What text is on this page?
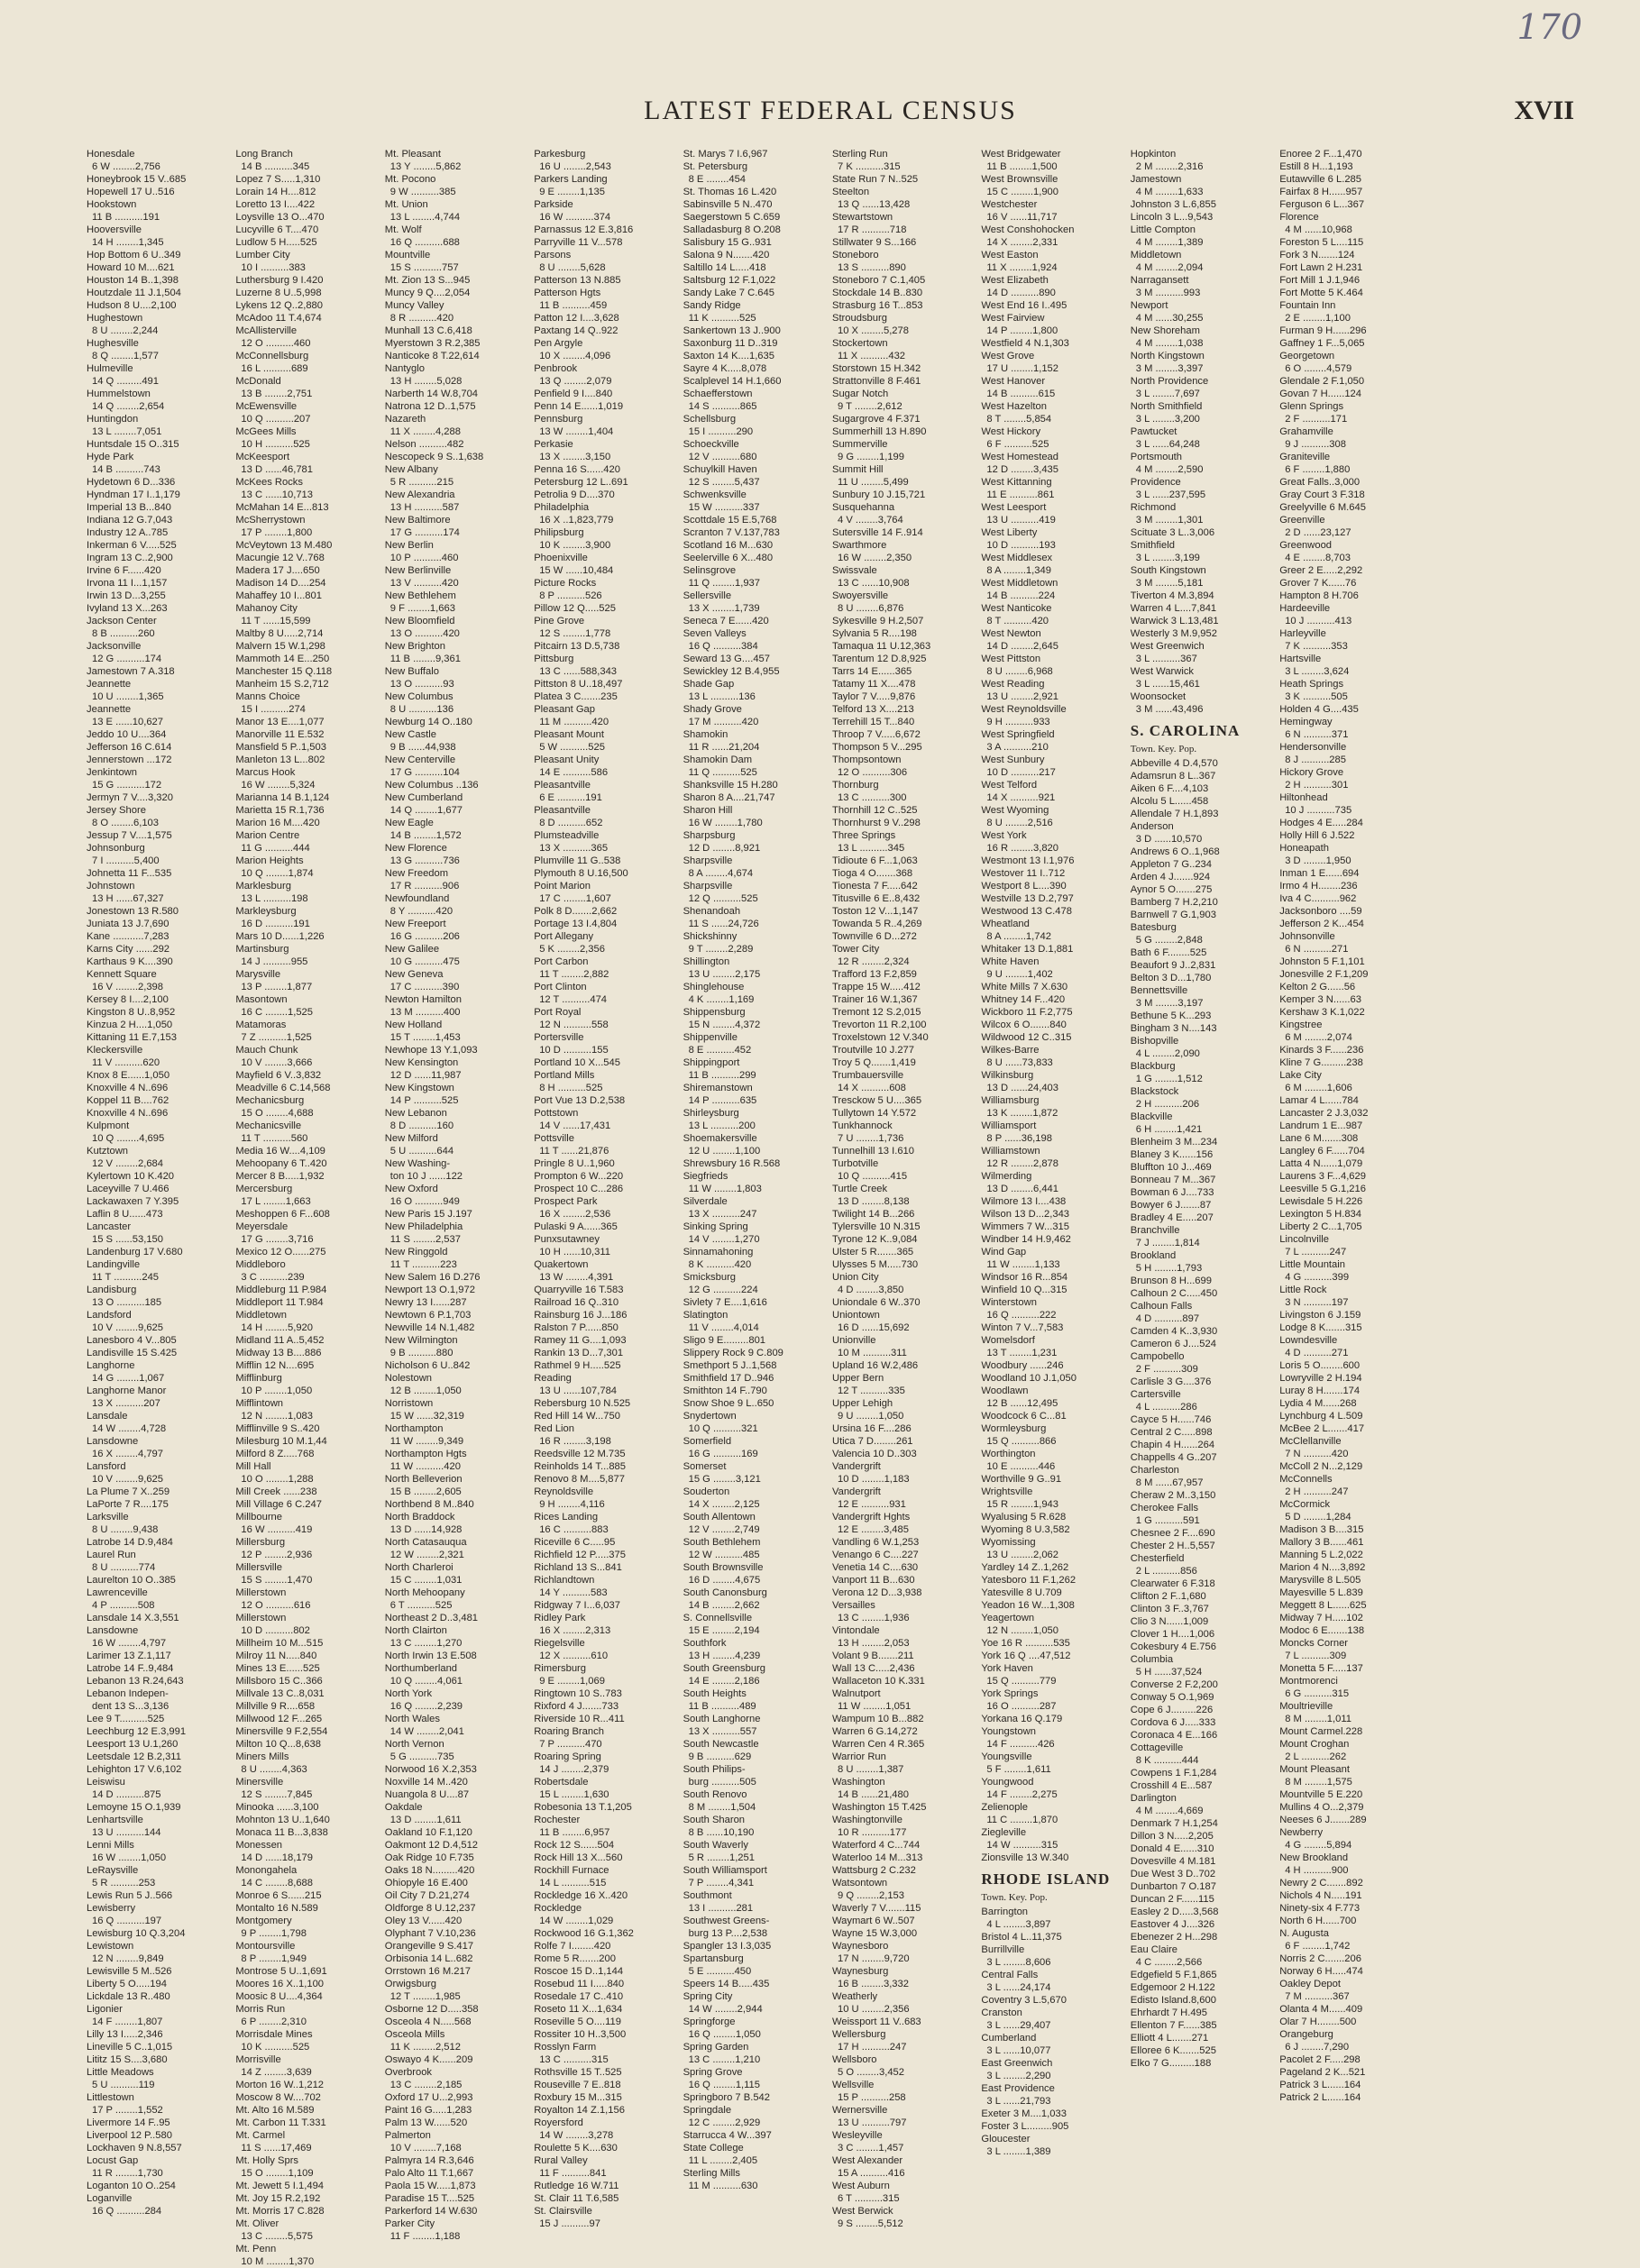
170
LATEST FEDERAL CENSUS	XVII
Honesdale
6 W ........2,756
Honeybrook 15 V..685
Hopewell 17 U..516
Hookstown
11 B ..........191
Hooversville
14 H ........1,345
Hop Bottom 6 U..349
Howard 10 M....621
Houston 14 B..1,398
Houtzdale 11 J.1,504
Hudson 8 U....2,100
Hughestown
8 U ........2,244
Hughesville
8 Q ........1,577
Hulmeville
14 Q .........491
Hummelstown
14 Q ........2,654
Huntingdon
13 L ........7,051
Huntsdale 15 O..315
Hyde Park
14 B ..........743
Hydetown 6 D...336
Hyndman 17 I..1,179
Imperial 13 B...840
Indiana 12 G.7,043
Industry 12 A..785
Inkerman 6 V.....525
Ingram 13 C..2,900
Irvine 6 F......420
Irvona 11 I...1,157
Irwin 13 D...3,255
Ivyland 13 X...263
Jackson Center
8 B ..........260
Jacksonville
12 G ..........174
Jamestown 7 A.318
Jeannette
10 U ........1,365
Jeannette
13 E ......10,627
Jeddo 10 U....364
Jefferson 16 C.614
Jennerstown ...172
Jenkintown
15 G ..........172
Jermyn 7 V....3,320
Jersey Shore
8 O ........6,103
Jessup 7 V....1,575
Johnsonburg
7 I ..........5,400
Johnetta 11 F...535
Johnstown
13 H ......67,327
Jonestown 13 R.580
Juniata 13 J.7,690
Kane ...........7,283
Karns City ......292
Karthaus 9 K....390
Kennett Square
16 V ........2,398
Kersey 8 I....2,100
Kingston 8 U..8,952
Kinzua 2 H....1,050
Kittaning 11 E.7,153
Kleckersville
11 V ..........620
Knox 8 E......1,050
Knoxville 4 N..696
Koppel 11 B....762
Knoxville 4 N..696
Kulpmont
10 Q ........4,695
Kutztown
12 V ........2,684
Kylertown 10 K.420
Laceyville 7 U.466
Lackawaxen 7 Y.395
Laflin 8 U......473
Lancaster
15 S ......53,150
Landenburg 17 V.680
Landingville
11 T ..........245
Landisburg
13 O ..........185
Landsford
10 V ........9,625
Lanesboro 4 V...805
Landisville 15 S.425
Langhorne
14 G ........1,067
Langhorne Manor
13 X ..........207
Lansdale
14 W ........4,728
Lansdowne
16 X ........4,797
Lansford
10 V ........9,625
La Plume 7 X..259
LaPorte 7 R....175
Larksville
8 U ........9,438
Latrobe 14 D.9,484
Laurel Run
8 U ..........774
Laurelton 10 O..385
Lawrenceville
4 P ..........508
Lansdale 14 X.3,551
Lansdowne
16 W ........4,797
Larimer 13 Z.1,117
Latrobe 14 F..9,484
Lebanon 13 R.24,643
Lebanon Indepen-
dent 13 S...3,136
Lee 9 T..........525
Leechburg 12 E.3,991
Leesport 13 U.1,260
Leetsdale 12 B.2,311
Lehighton 17 V.6,102
Leiswisu
14 D ..........875
Lemoyne 15 O.1,939
Lenhartsville
13 U ..........144
Lenni Mills
16 W ........1,050
LeRaysville
5 R ..........253
Lewis Run 5 J..566
Lewisberry
16 Q ..........197
Lewisburg 10 Q.3,204
Lewistown
12 N ........9,849
Lewisville 5 M..526
Liberty 5 O.....194
Lickdale 13 R..480
Ligonier
14 F ........1,807
Lilly 13 I.....2,346
Lineville 5 C..1,015
Lititz 15 S....3,680
Little Meadows
5 U ..........119
Littlestown
17 P ........1,552
Livermore 14 F..95
Liverpool 12 P..580
Lockhaven 9 N.8,557
Locust Gap
11 R ........1,730
Loganton 10 O..254
Loganville
16 Q ..........284
Long Branch
14 B ..........345
Lopez 7 S.....1,310
Lorain 14 H....812
Loretto 13 I....422
Loysville 13 O...470
Lucyville 6 T....470
Ludlow 5 H.....525
Lumber City
10 I ..........383
Luthersburg 9 I.420
Luzerne 8 U..5,998
Lykens 12 Q..2,880
McAdoo 11 T.4,674
McAllisterville
12 O ..........460
McConnellsburg
16 L ..........689
McDonald
13 B ........2,751
McEwensville
10 Q ..........207
McGees Mills
10 H ..........525
McKeesport
13 D ......46,781
McKees Rocks
13 C ......10,713
McMahan 14 E...813
McSherrystown
17 P ........1,800
McVeytown 13 M.480
Macungie 12 V..768
Madera 17 J....650
Madison 14 D....254
Mahaffey 10 I...801
Mahanoy City
11 T ......15,599
Maltby 8 U.....2,714
Malvern 15 W.1,298
Mammoth 14 E...250
Manchester 15 Q.118
Manheim 15 S.2,712
Manns Choice
15 I ..........274
Manor 13 E....1,077
Manorville 11 E.532
Mansfield 5 P..1,503
Manleton 13 L...802
Marcus Hook
16 W ........5,324
Marianna 14 B.1,124
Marietta 15 R.1,736
Marion 16 M....420
Marion Centre
11 G ..........444
Marion Heights
10 Q ........1,874
Marklesburg
13 L ..........198
Markleysburg
16 D ..........191
Mars 10 D......1,226
Martinsburg
14 J ..........955
Marysville
13 P ........1,877
Masontown
16 C ........1,525
Matamoras
7 Z ..........1,525
Mauch Chunk
10 V ........3,666
Mayfield 6 V..3,832
Meadville 6 C.14,568
Mechanicsburg
15 O ........4,688
Mechanicsville
11 T ..........560
Media 16 W....4,109
Mehoopany 6 T..420
Mercer 8 B.....1,932
Mercersburg
17 L ........1,663
Meshoppen 6 F...608
Meyersdale
17 G ........3,716
Mexico 12 O......275
Middleboro
3 C ..........239
Middleburg 11 P.984
Middleport 11 T.984
Middletown
14 H ........5,920
Midland 11 A..5,452
Midway 13 B....886
Mifflin 12 N....695
Mifflinburg
10 P ........1,050
Mifflintown
12 N ........1,083
Mifflinville 9 S..420
Milesburg 10 M.1,44
Milford 8 Z.....768
Mill Hall
10 O ........1,288
Mill Creek ......238
Mill Village 6 C.247
Millbourne
16 W ..........419
Millersburg
12 P ........2,936
Millersville
15 S ........1,470
Millerstown
12 O ..........616
Millerstown
10 D ..........802
Millheim 10 M...515
Milroy 11 N.....840
Mines 13 E......525
Millsboro 15 C..366
Millvale 13 C..8,031
Millville 9 R....658
Millwood 12 F...265
Minersville 9 F.2,554
Milton 10 Q...8,638
Miners Mills
8 U ........4,363
Minersville
12 S ........7,845
Minooka ......3,100
Mohnton 13 U..1,640
Monaca 11 B...3,838
Monessen
14 D ......18,179
Monongahela
14 C ........8,688
Monroe 6 S......215
Montalto 16 N.589
Montgomery
9 P ........1,798
Montoursville
8 P ........1,949
Montrose 5 U..1,691
Moores 16 X..1,100
Moosic 8 U....4,364
Morris Run
6 P ........2,310
Morrisdale Mines
10 K ..........525
Morrisville
14 Z ........3,639
Morton 16 W..1,212
Moscow 8 W....702
Mt. Alto 16 M.589
Mt. Carbon 11 T.331
Mt. Carmel
11 S ......17,469
Mt. Holly Sprs
15 O ........1,109
Mt. Jewett 5 I.1,494
Mt. Joy 15 R.2,192
Mt. Morris 17 C.828
Mt. Oliver
13 C ........5,575
Mt. Penn
10 M ........1,370
Mt. Pleasant
13 Y ........5,862
Mt. Pocono
9 W ..........385
Mt. Union
13 L ........4,744
Mt. Wolf
16 Q ..........688
Mountville
15 S ..........757
Mt. Zion 13 S...945
Muncy 9 Q....2,054
Muncy Valley
8 R ..........420
Munhall 13 C.6,418
Myerstown 3 R.2,385
Nanticoke 8 T.22,614
Nantyglo
13 H ........5,028
Narberth 14 W.8,704
Natrona 12 D..1,575
Nazareth
11 X ........4,288
Nelson ..........482
Nescopeck 9 S..1,638
New Albany
5 R ..........215
New Alexandria
13 H ..........587
New Baltimore
17 G ..........174
New Berlin
10 P ..........460
New Berlinville
13 V ..........420
New Bethlehem
9 F ........1,663
New Bloomfield
13 O ..........420
New Brighton
11 B ........9,361
New Buffalo
13 O ..........93
New Columbus
8 U ..........136
Newburg 14 O..180
New Castle
9 B ......44,938
New Centerville
17 G ..........104
New Columbus ..136
New Cumberland
14 Q ........1,677
New Eagle
14 B ........1,572
New Florence
13 G ..........736
New Freedom
17 R ..........906
Newfoundland
8 Y ..........420
New Freeport
16 G ..........206
New Galilee
10 G ..........475
New Geneva
17 C ..........390
Newton Hamilton
13 M ..........400
New Holland
15 T ........1,453
Newhope 13 Y.1,093
New Kensington
12 D ......11,987
New Kingstown
14 P ..........525
New Lebanon
8 D ..........160
New Milford
5 U ..........644
New Washing-
ton 10 J ......122
New Oxford
16 O ..........949
New Paris 15 J.197
New Philadelphia
11 S ........2,537
New Ringgold
11 T ..........223
New Salem 16 D.276
Newport 13 O.1,972
Newry 13 I......287
Newtown 6 P.1,703
Newville 14 N.1,482
New Wilmington
9 B ..........880
Nicholson 6 U..842
Nolestown
12 B ........1,050
Norristown
15 W ......32,319
Northampton
11 W ........9,349
Northampton Hgts
11 W ..........420
North Belleverion
15 B ........2,605
Northbend 8 M..840
North Braddock
13 D ......14,928
North Catasauqua
12 W ........2,321
North Charleroi
15 C ........1,031
North Mehoopany
6 T ..........525
Northeast 2 D..3,481
North Clairton
13 C ........1,270
North Irwin 13 E.508
Northumberland
10 Q ........4,061
North York
16 Q ........2,239
North Wales
14 W ........2,041
North Vernon
5 G ..........735
Norwood 16 X.2,353
Noxville 14 M..420
Nuangola 8 U....87
Oakdale
13 D ........1,611
Oakland 10 F.1,120
Oakmont 12 D.4,512
Oak Ridge 10 F.735
Oaks 18 N.........420
Ohiopyle 16 E.400
Oil City 7 D.21,274
Oldforge 8 U.12,237
Oley 13 V......420
Olyphant 7 V.10,236
Orangeville 9 S.417
Orbisonia 14 L..682
Orrstown 16 M.217
Orwigsburg
12 T ........1,985
Osborne 12 D.....358
Osceola 4 N.....568
Osceola Mills
11 K ........2,512
Oswayo 4 K......209
Overbrook
13 C ........2,185
Oxford 17 U...2,993
Paint 16 G.....1,283
Palm 13 W......520
Palmerton
10 V ........7,168
Palmyra 14 R.3,646
Palo Alto 11 T.1,667
Paola 15 W.....1,873
Paradise 15 T....525
Parkerford 14 W.630
Parker City
11 F ........1,188
Parkesburg
16 U ........2,543
Parkers Landing
9 E ........1,135
Parkside
16 W ..........374
Parnassus 12 E.3,816
Parryville 11 V...578
Parsons
8 U ........5,628
Patterson 13 N.885
Patterson Hgts
11 B ..........459
Patton 12 I....3,628
Paxtang 14 Q..922
Pen Argyle
10 X ........4,096
Penbrook
13 Q ........2,079
Penfield 9 I....840
Penn 14 E......1,019
Pennsburg
13 W ........1,404
Perkasie
13 X ........3,150
Penna 16 S......420
Petersburg 12 L..691
Petrolia 9 D....370
Philadelphia
16 X ..1,823,779
Philipsburg
10 K ........3,900
Phoenixville
15 W ......10,484
Picture Rocks
8 P ..........526
Pillow 12 Q.....525
Pine Grove
12 S ........1,778
Pitcairn 13 D.5,738
Pittsburg
13 C ......588,343
Pittston 8 U..18,497
Platea 3 C.......235
Pleasant Gap
11 M ..........420
Pleasant Mount
5 W ..........525
Pleasant Unity
14 E ..........586
Pleasantville
6 E ..........191
Pleasantville
8 D ..........652
Plumsteadville
13 X ..........365
Plumville 11 G..538
Plymouth 8 U.16,500
Point Marion
17 C ........1,607
Polk 8 D.......2,662
Portage 13 I.4,804
Port Allegany
5 K ........2,356
Port Carbon
11 T ........2,882
Port Clinton
12 T ..........474
Port Royal
12 N ..........558
Portersville
10 D ..........155
Portland 10 X...545
Portland Mills
8 H ..........525
Port Vue 13 D.2,538
Pottstown
14 V ......17,431
Pottsville
11 T ......21,876
Pringle 8 U..1,960
Prompton 6 W...220
Prospect 10 C...286
Prospect Park
16 X ........2,536
Pulaski 9 A......365
Punxsutawney
10 H ......10,311
Quakertown
13 W ........4,391
Quarryville 16 T.583
Railroad 16 Q..310
Rainsburg 16 J...186
Ralston 7 P......850
Ramey 11 G....1,093
Rankin 13 D...7,301
Rathmel 9 H.....525
Reading
13 U ......107,784
Rebersburg 10 N.525
Red Hill 14 W...750
Red Lion
16 R ........3,198
Reedsville 12 M.735
Reinholds 14 T...885
Renovo 8 M....5,877
Reynoldsville
9 H ........4,116
Rices Landing
16 C ..........883
Riceville 6 C.....95
Richfield 12 P.....375
Richland 13 S...841
Richlandtown
14 Y ..........583
Ridgway 7 I...6,037
Ridley Park
16 X ........2,313
Riegelsville
12 X ..........610
Rimersburg
9 E ........1,069
Ringtown 10 S..783
Rixford 4 J.......733
Riverside 10 R...411
Roaring Branch
7 P ..........470
Roaring Spring
14 J ........2,379
Robertsdale
15 L ........1,630
Robesonia 13 T.1,205
Rochester
11 B ........6,957
Rock 12 S......504
Rock Hill 13 X...560
Rockhill Furnace
14 L ..........515
Rockledge 16 X..420
Rockledge
14 W ........1,029
Rockwood 16 G.1,362
Rolfe 7 I........420
Rome 5 R.......200
Roscoe 15 D..1,144
Rosebud 11 I.....840
Rosedale 17 C..410
Roseto 11 X...1,634
Roseville 5 O....119
Rossiter 10 H..3,500
Rosslyn Farm
13 C ..........315
Rothsville 15 T..525
Rouseville 7 E..818
Roxbury 15 M...315
Royalton 14 Z.1,156
Royersford
14 W ........3,278
Roulette 5 K....630
Rural Valley
11 F ..........841
Rutledge 16 W.711
St. Clair 11 T.6,585
St. Clairsville
15 J ..........97
St. Marys 7 I.6,967
St. Petersburg
8 E ........454
St. Thomas 16 L.420
Sabinsville 5 N..470
Saegerstown 5 C.659
Salladasburg 8 O.208
Salisbury 15 G..931
Salona 9 N.......420
Saltillo 14 L.....418
Saltsburg 12 F.1,022
Sandy Lake 7 C.645
Sandy Ridge
11 K ..........525
Sankertown 13 J..900
Saxonburg 11 D..319
Saxton 14 K....1,635
Sayre 4 K.....8,078
Scalplevel 14 H.1,660
Schaefferstown
14 S ..........865
Schellsburg
15 I ..........290
Schoeckville
12 V ..........680
Schuylkill Haven
12 S ........5,437
Schwenksville
15 W ..........337
Scottdale 15 E.5,768
Scranton 7 V.137,783
Scotland 16 M...630
Seelerville 6 X...480
Selinsgrove
11 Q ........1,937
Sellersville
13 X ........1,739
Seneca 7 E......420
Seven Valleys
16 Q ..........384
Seward 13 G....457
Sewickley 12 B.4,955
Shade Gap
13 L ..........136
Shady Grove
17 M ..........420
Shamokin
11 R ......21,204
Shamokin Dam
11 Q ..........525
Shanksville 15 H.280
Sharon 8 A....21,747
Sharon Hill
16 W ........1,780
Sharpsburg
12 D ........8,921
Sharpsville
8 A ........4,674
Sharpsville
12 Q ..........525
Shenandoah
11 S ......24,726
Shickshinny
9 T ........2,289
Shillington
13 U ........2,175
Shinglehouse
4 K ........1,169
Shippensburg
15 N ........4,372
Shippenville
8 E ..........452
Shippingport
11 B ..........299
Shiremanstown
14 P ..........635
Shirleysburg
13 L ..........200
Shoemakersville
12 U ........1,100
Shrewsbury 16 R.568
Siegfrieds
11 W ........1,803
Silverdale
13 X ..........247
Sinking Spring
14 V ........1,270
Sinnamahoning
8 K ..........420
Smicksburg
12 G ..........224
Sivlety 7 E....1,616
Slatington
11 V ........4,014
Sligo 9 E.........801
Slippery Rock 9 C.809
Smethport 5 J..1,568
Smithfield 17 D..946
Smithton 14 F..790
Snow Shoe 9 L..650
Snydertown
10 Q ..........321
Somerfield
16 G ..........169
Somerset
15 G ........3,121
Souderton
14 X ........2,125
South Allentown
12 V ........2,749
South Bethlehem
12 W ..........485
South Brownsville
16 D ........4,675
South Canonsburg
14 B ........2,662
S. Connellsville
15 E ........2,194
Southfork
13 H ........4,239
South Greensburg
14 E ........2,186
South Heights
11 B ..........489
South Langhorne
13 X ..........557
South Newcastle
9 B ..........629
South Philips-
burg ..........505
South Renovo
8 M ........1,504
South Sharon
8 B ......10,190
South Waverly
5 R ........1,251
South Williamsport
7 P ........4,341
Southmont
13 I ..........281
Southwest Greens-
burg 13 P....2,538
Spangler 13 I.3,035
Spartansburg
5 E ..........450
Speers 14 B.....435
Spring City
14 W ........2,944
Springforge
16 Q ........1,050
Spring Garden
13 C ........1,210
Spring Grove
16 Q ........1,115
Springboro 7 B.542
Springdale
12 C ........2,929
Starrucca 4 W...397
State College
11 L ........2,405
Sterling Mills
11 M ..........630
Sterling Run
7 K ..........315
State Run 7 N..525
Steelton
13 Q ......13,428
Stewartstown
17 R ..........718
Stillwater 9 S...166
Stoneboro
13 S ..........890
Stoneboro 7 C.1,405
Stockdale 14 B..830
Strasburg 16 T...853
Stroudsburg
10 X ........5,278
Stockertown
11 X ..........432
Storstown 15 H.342
Strattonville 8 F.461
Sugar Notch
9 T ........2,612
Sugargrove 4 F.371
Summerhill 13 H.890
Summerville
9 G ........1,199
Summit Hill
11 U ........5,499
Sunbury 10 J.15,721
Susquehanna
4 V ........3,764
Sutersville 14 F..914
Swarthmore
16 W ........2,350
Swissvale
13 C ......10,908
Swoyersville
8 U ........6,876
Sykesville 9 H.2,507
Sylvania 5 R....198
Tamaqua 11 U.12,363
Tarentum 12 D.8,925
Tarrs 14 E......365
Tatamy 11 X....478
Taylor 7 V.....9,876
Telford 13 X....213
Terrehill 15 T...840
Throop 7 V.....6,672
Thompson 5 V...295
Thompsontown
12 O ..........306
Thornburg
13 C ..........300
Thornhill 12 C..525
Thornhurst 9 V..298
Three Springs
13 L ..........345
Tidioute 6 F...1,063
Tioga 4 O.......368
Tionesta 7 F.....642
Titusville 6 E..8,432
Toston 12 V...1,147
Towanda 5 R..4,269
Townville 6 D...272
Tower City
12 R ........2,324
Trafford 13 F.2,859
Trappe 15 W.....412
Trainer 16 W.1,367
Tremont 12 S.2,015
Trevorton 11 R.2,100
Troxelstown 12 V.340
Troutville 10 J.277
Troy 5 Q.......1,419
Trumbauersville
14 X ..........608
Tresckow 5 U....365
Tullytown 14 Y.572
Tunkhannock
7 U ........1,736
Tunnelhill 13 I.610
Turbotville
10 Q ..........415
Turtle Creek
13 D ........8,138
Twilight 14 B...266
Tylersville 10 N.315
Tyrone 12 K..9,084
Ulster 5 R.......365
Ulysses 5 M.....730
Union City
4 D ........3,850
Uniondale 6 W..370
Uniontown
16 D ......15,692
Unionville
10 M ..........311
Upland 16 W.2,486
Upper Bern
12 T ..........335
Upper Lehigh
9 U ........1,050
Ursina 16 F....286
Utica 7 D........261
Valencia 10 D..303
Vandergrift
10 D ........1,183
Vandergrift
12 E ..........931
Vandergrift Hghts
12 E ........3,485
Vandling 6 W.1,253
Venango 6 C....227
Venetia 14 C....630
Vanport 11 B...630
Verona 12 D...3,938
Versailles
13 C ........1,936
Vintondale
13 H ........2,053
Volant 9 B.......211
Wall 13 C.....2,436
Wallaceton 10 K.331
Walnutport
11 W ........1,051
Wampum 10 B...882
Warren 6 G.14,272
Warren Cen 4 R.365
Warrior Run
8 U ........1,387
Washington
14 B ......21,480
Washington 15 T.425
Washingtonville
10 R ..........177
Waterford 4 C...744
Waterloo 14 M...313
Wattsburg 2 C.232
Watsontown
9 Q ........2,153
Waverly 7 V.......115
Waymart 6 W..507
Wayne 15 W.3,000
Waynesboro
17 N ........9,720
Waynesburg
16 B ........3,332
Weatherly
10 U ........2,356
Weissport 11 V..683
Wellersburg
17 H ..........247
Wellsboro
5 O ........3,452
Wellsville
15 P ..........258
Wernersville
13 U ..........797
Wesleyville
3 C ........1,457
West Alexander
15 A ..........416
West Auburn
6 T ..........315
West Berwick
9 S ........5,512
West Bridgewater
11 B ........1,500
West Brownsville
15 C ........1,900
Westchester
16 V ......11,717
West Conshohocken
14 X ........2,331
West Easton
11 X ........1,924
West Elizabeth
14 D ..........890
West End 16 I..495
West Fairview
14 P ........1,800
Westfield 4 N.1,303
West Grove
17 U ........1,152
West Hanover
14 B ..........615
West Hazelton
8 T ........5,854
West Hickory
6 F ..........525
West Homestead
12 D ........3,435
West Kittanning
11 E ..........861
West Leesport
13 U ..........419
West Liberty
10 D ..........193
West Middlesex
8 A ........1,349
West Middletown
14 B ..........224
West Nanticoke
8 T ..........420
West Newton
14 D ........2,645
West Pittston
8 U ........6,968
West Reading
13 U ........2,921
West Reynoldsville
9 H ..........933
West Springfield
3 A ..........210
West Sunbury
10 D ..........217
West Telford
14 X ..........921
West Wyoming
8 U ........2,516
West York
16 R ........3,820
Westmont 13 I.1,976
Westover 11 I..712
Westport 8 L....390
Westville 13 D.2,797
Westwood 13 C.478
Wheatland
8 A ........1,742
Whitaker 13 D.1,881
White Haven
9 U ........1,402
White Mills 7 X.630
Whitney 14 F...420
Wickboro 11 F.2,775
Wilcox 6 O.......840
Wildwood 12 C..315
Wilkes-Barre
8 U ......73,833
Wilkinsburg
13 D ......24,403
Williamsburg
13 K ........1,872
Williamsport
8 P ......36,198
Williamstown
12 R ........2,878
Wilmerding
13 D ........6,441
Wilmore 13 I....438
Wilson 13 D...2,343
Wimmers 7 W...315
Windber 14 H.9,462
Wind Gap
11 W ........1,133
Windsor 16 R...854
Winfield 10 Q...315
Winterstown
16 Q ..........222
Winton 7 V...7,583
Womelsdorf
13 T ........1,231
Woodbury ......246
Woodland 10 J.1,050
Woodlawn
12 B ......12,495
Woodcock 6 C...81
Wormleysburg
15 Q ..........866
Worthington
10 E ..........446
Worthville 9 G..91
Wrightsville
15 R ........1,943
Wyalusing 5 R.628
Wyoming 8 U.3,582
Wyomissing
13 U ........2,062
Yardley 14 Z..1,262
Yatesboro 11 F.1,262
Yatesville 8 U.709
Yeadon 16 W...1,308
Yeagertown
12 N ........1,050
Yoe 16 R ..........535
York 16 Q ....47,512
York Haven
15 Q ..........779
York Springs
16 O ..........287
Yorkana 16 Q.179
Youngstown
14 F ..........426
Youngsville
5 F ........1,611
Youngwood
14 F ........2,275
Zelienople
11 C ........1,870
Ziegleville
14 W ..........315
Zionsville 13 W.340
RHODE ISLAND
Town. Key. Pop.
Barrington
4 L ........3,897
Bristol 4 L..11,375
Burrillville
3 L ........8,606
Central Falls
3 L ......24,174
Coventry 3 L.5,670
Cranston
3 L ......29,407
Cumberland
3 L ......10,077
East Greenwich
3 L ........2,290
East Providence
3 L ......21,793
Exeter 3 M....1,033
Foster 3 L.........905
Gloucester
3 L ........1,389
Hopkinton
2 M ........2,316
Jamestown
4 M ........1,633
Johnston 3 L.6,855
Lincoln 3 L...9,543
Little Compton
4 M ........1,389
Middletown
4 M ........2,094
Narragansett
3 M ..........993
Newport
4 M ......30,255
New Shoreham
4 M ........1,038
North Kingstown
3 M ........3,397
North Providence
3 L ........7,697
North Smithfield
3 L ........3,200
Pawtucket
3 L ......64,248
Portsmouth
4 M ........2,590
Providence
3 L ......237,595
Richmond
3 M ........1,301
Scituate 3 L..3,006
Smithfield
3 L ........3,199
South Kingstown
3 M ........5,181
Tiverton 4 M.3,894
Warren 4 L....7,841
Warwick 3 L.13,481
Westerly 3 M.9,952
West Greenwich
3 L ..........367
West Warwick
3 L ......15,461
Woonsocket
3 M ......43,496
S. CAROLINA
Town. Key. Pop.
Abbeville 4 D.4,570
Adamsrun 8 L..367
Aiken 6 F....4,103
Alcolu 5 L......458
Allendale 7 H.1,893
Anderson
3 D ......10,570
Andrews 6 O..1,968
Appleton 7 G..234
Arden 4 J.......924
Aynor 5 O.......275
Bamberg 7 H.2,210
Barnwell 7 G.1,903
Batesburg
5 G ........2,848
Bath 6 F........525
Beaufort 9 J..2,831
Belton 3 D...1,780
Bennettsville
3 M ........3,197
Bethune 5 K...293
Bingham 3 N....143
Bishopville
4 L ........2,090
Blackburg
1 G ........1,512
Blackstock
2 H ..........206
Blackville
6 H ........1,421
Blenheim 3 M...234
Blaney 3 K......156
Bluffton 10 J...469
Bonneau 7 M...367
Bowman 6 J....733
Bowyer 6 J.......87
Bradley 4 E.....207
Branchville
7 J ........1,814
Brookland
5 H ........1,793
Brunson 8 H...699
Calhoun 2 C.....450
Calhoun Falls
4 D ..........897
Camden 4 K..3,930
Cameron 6 J....524
Campobello
2 F ..........309
Carlisle 3 G....376
Cartersville
4 L ..........286
Cayce 5 H......746
Central 2 C.....898
Chapin 4 H......264
Chappells 4 G..207
Charleston
8 M ......67,957
Cheraw 2 M..3,150
Cherokee Falls
1 G ..........591
Chesnee 2 F....690
Chester 2 H..5,557
Chesterfield
2 L ..........856
Clearwater 6 F.318
Clifton 2 F..1,680
Clinton 3 F..3,767
Clio 3 N......1,009
Clover 1 H....1,006
Cokesbury 4 E.756
Columbia
5 H ......37,524
Converse 2 F.2,200
Conway 5 O.1,969
Cope 6 J.........226
Cordova 6 J.....333
Coronaca 4 E...166
Cottageville
8 K ..........444
Cowpens 1 F.1,284
Crosshill 4 E...587
Darlington
4 M ........4,669
Denmark 7 H.1,254
Dillon 3 N.....2,205
Donald 4 E......310
Dovesville 4 M.181
Due West 3 D..702
Dunbarton 7 O.187
Duncan 2 F......115
Easley 2 D.....3,568
Eastover 4 J....326
Ebenezer 2 H...298
Eau Claire
4 C ........2,566
Edgefield 5 F.1,865
Edgemoor 2 H.122
Edisto Island.8,600
Ehrhardt 7 H.495
Ellenton 7 F......385
Elliott 4 L.......271
Elloree 6 K.......525
Elko 7 G.........188
Enoree 2 F...1,470
Estill 8 H...1,193
Eutawville 6 L.285
Fairfax 8 H......957
Ferguson 6 L...367
Florence
4 M ......10,968
Foreston 5 L....115
Fork 3 N.......124
Fort Lawn 2 H.231
Fort Mill 1 J.1,946
Fort Motte 5 K.464
Fountain Inn
2 E ........1,100
Furman 9 H......296
Gaffney 1 F...5,065
Georgetown
6 O ........4,579
Glendale 2 F.1,050
Govan 7 H......124
Glenn Springs
2 F ..........171
Grahamville
9 J ..........308
Graniteville
6 F ........1,880
Great Falls..3,000
Gray Court 3 F.318
Greelyville 6 M.645
Greenville
2 D ......23,127
Greenwood
4 E ........8,703
Greer 2 E.....2,292
Grover 7 K......76
Hampton 8 H.706
Hardeeville
10 J ..........413
Harleyville
7 K ..........353
Hartsville
3 L ........3,624
Heath Springs
3 K ..........505
Holden 4 G....435
Hemingway
6 N ..........371
Hendersonville
8 J ..........285
Hickory Grove
2 H ..........301
Hiltonhead
10 J ..........735
Hodges 4 E.....284
Holly Hill 6 J.522
Honeapath
3 D ........1,950
Inman 1 E......694
Irmo 4 H........236
Iva 4 C..........962
Jacksonboro ....59
Jefferson 2 K...454
Johnsonville
6 N ..........271
Johnston 5 F.1,101
Jonesville 2 F.1,209
Kelton 2 G......56
Kemper 3 N......63
Kershaw 3 K.1,022
Kingstree
6 M ........2,074
Kinards 3 F......236
Kline 7 G.........238
Lake City
6 M ........1,606
Lamar 4 L......784
Lancaster 2 J.3,032
Landrum 1 E...987
Lane 6 M.......308
Langley 6 F......704
Latta 4 N......1,079
Laurens 3 F...4,629
Leesville 5 G.1,216
Lewisdale 5 H.226
Lexington 5 H.834
Liberty 2 C...1,705
Lincolnville
7 L ..........247
Little Mountain
4 G ..........399
Little Rock
3 N ..........197
Livingston 6 J.159
Lodge 8 K.......315
Lowndesville
4 D ..........271
Loris 5 O........600
Lowryville 2 H.194
Luray 8 H.......174
Lydia 4 M......268
Lynchburg 4 L.509
McBee 2 L.......417
McClellanville
7 N ..........420
McColl 2 N...2,129
McConnells
2 H ..........247
McCormick
5 D ........1,284
Madison 3 B....315
Mallory 3 B......461
Manning 5 L.2,022
Marion 4 N....3,892
Marysville 8 L.505
Mayesville 5 L.839
Meggett 8 L......625
Midway 7 H.....102
Modoc 6 E.......138
Moncks Corner
7 L ..........309
Monetta 5 F.....137
Montmorenci
6 G ..........315
Moultrieville
8 M ........1,011
Mount Carmel.228
Mount Croghan
2 L ..........262
Mount Pleasant
8 M ........1,575
Mountville 5 E.220
Mullins 4 O...2,379
Neeses 6 J.......289
Newberry
4 G ........5,894
New Brookland
4 H ..........900
Newry 2 C.......892
Nichols 4 N.....191
Ninety-six 4 F.773
North 6 H......700
N. Augusta
6 F ........1,742
Norris 2 C.......206
Norway 6 H.....474
Oakley Depot
7 M ..........367
Olanta 4 M......409
Olar 7 H........500
Orangeburg
6 J ........7,290
Pacolet 2 F.....298
Pageland 2 K...521
Patrick 3 L......164
Patrick 2 L......164
